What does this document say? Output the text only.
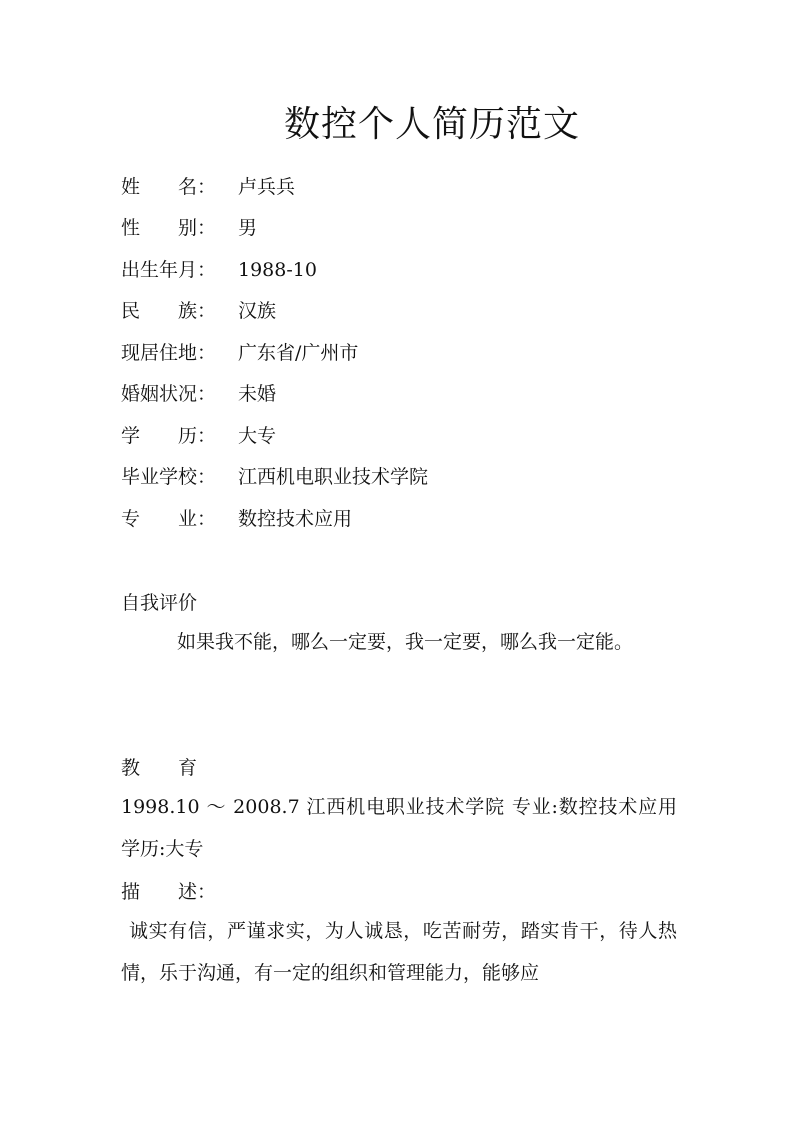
数控个人简历范文
姓　　名： 卢兵兵
性　　别： 男
出生年月： 1988-10
民　　族： 汉族
现居住地： 广东省/广州市
婚姻状况： 未婚
学　　历： 大专
毕业学校： 江西机电职业技术学院
专　　业： 数控技术应用
自我评价
如果我不能，哪么一定要，我一定要，哪么我一定能。
教　　育
1998.10 ～ 2008.7 江西机电职业技术学院 专业:数控技术应用 学历:大专
描　　述：
诚实有信，严谨求实，为人诚恳，吃苦耐劳，踏实肯干，待人热情，乐于沟通，有一定的组织和管理能力，能够应
